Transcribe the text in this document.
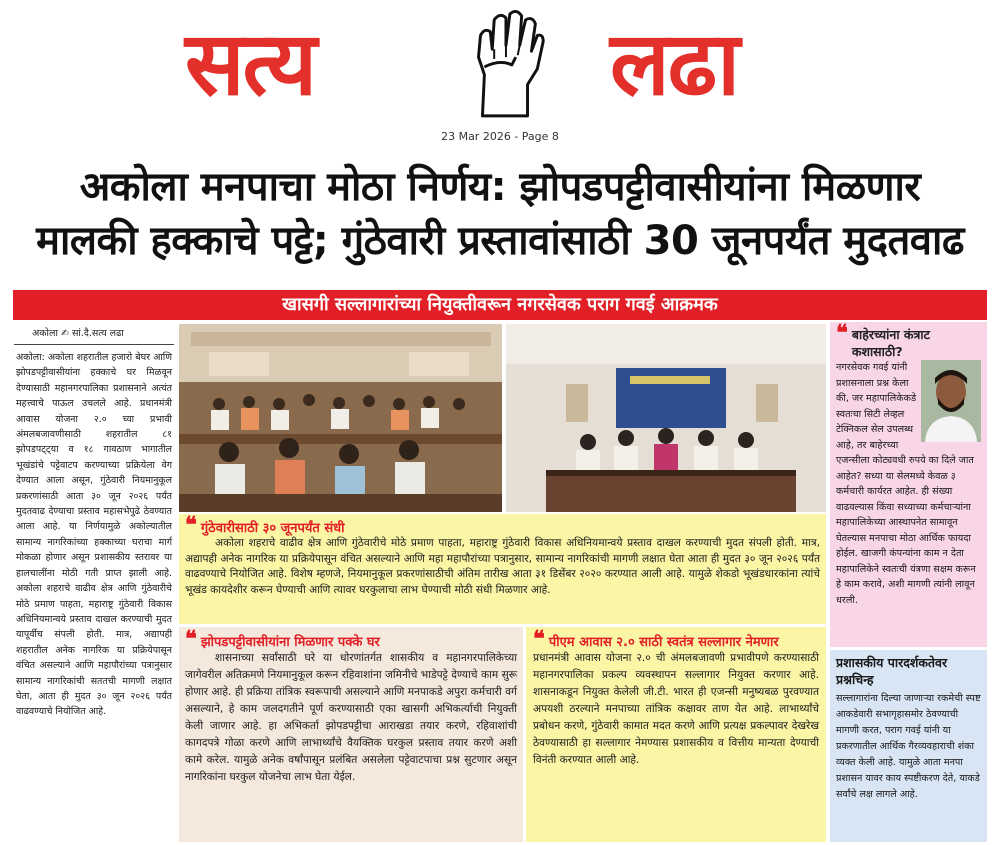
सत्य	लढा
23 Mar 2026 - Page 8
अकोला मनपाचा मोठा निर्णय: झोपडपट्टीवासीयांना मिळणार
मालकी हक्काचे पट्टे; गुंठेवारी प्रस्तावांसाठी 30 जूनपर्यंत मुदतवाढ
खासगी सल्लागारांच्या नियुक्तीवरून नगरसेवक पराग गवई आक्रमक
अकोला ✍ सां.दै.सत्य लढा

अकोला: अकोला शहरातील हजारो बेघर आणि झोपडपट्टीवासीयांना हक्काचे घर मिळवून देण्यासाठी महानगरपालिका प्रशासनाने अत्यंत महत्त्वाचे पाऊल उचलले आहे. प्रधानमंत्री आवास योजना २.० च्या प्रभावी अंमलबजावणीसाठी शहरातील ८१ झोपडपट्ट्या व १८ गावठाण भागातील भूखंडांचे पट्टेवाटप करण्याच्या प्रक्रियेला वेग देण्यात आला असून, गुंठेवारी नियमानुकूल प्रकरणांसाठी आता ३० जून २०२६ पर्यंत मुदतवाढ देण्याचा प्रस्ताव महासभेपुढे ठेवण्यात आला आहे. या निर्णयामुळे अकोल्यातील सामान्य नागरिकांच्या हक्काच्या घराचा मार्ग मोकळा होणार असून प्रशासकीय स्तरावर या हालचालींना मोठी गती प्राप्त झाली आहे. अकोला शहराचे वाढीव क्षेत्र आणि गुंठेवारीचे मोठे प्रमाण पाहता, महाराष्ट्र गुंठेवारी विकास अधिनियमान्वये प्रस्ताव दाखल करण्याची मुदत यापूर्वीच संपली होती. मात्र, अद्यापही शहरातील अनेक नागरिक या प्रक्रियेपासून वंचित असल्याने आणि महापौरांच्या पत्रानुसार सामान्य नागरिकांची सततची मागणी लक्षात घेता, आता ही मुदत ३० जून २०२६ पर्यंत वाढवण्याचे नियोजित आहे.

❝ गुंठेवारीसाठी ३० जूनपर्यंत संधी

अकोला शहराचे वाढीव क्षेत्र आणि गुंठेवारीचे मोठे प्रमाण पाहता, महाराष्ट्र गुंठेवारी विकास अधिनियमान्वये प्रस्ताव दाखल करण्याची मुदत संपली होती. मात्र, अद्यापही अनेक नागरिक या प्रक्रियेपासून वंचित असल्याने आणि महा महापौरांच्या पत्रानुसार, सामान्य नागरिकांची मागणी लक्षात घेता आता ही मुदत ३० जून २०२६ पर्यंत वाढवण्याचे नियोजित आहे. विशेष म्हणजे, नियमानुकूल प्रकरणांसाठीची अंतिम तारीख आता ३१ डिसेंबर २०२० करण्यात आली आहे. यामुळे शेकडो भूखंडधारकांना त्यांचे भूखंड कायदेशीर करून घेण्याची आणि त्यावर घरकुलाचा लाभ घेण्याची मोठी संधी मिळणार आहे.

❝ झोपडपट्टीवासीयांना मिळणार पक्के घर

शासनाच्या सर्वांसाठी घरे या धोरणांतर्गत शासकीय व महानगरपालिकेच्या जागेवरील अतिक्रमणे नियमानुकूल करून रहिवाशांना जमिनीचे भाडेपट्टे देण्याचे काम सुरू होणार आहे. ही प्रक्रिया तांत्रिक स्वरूपाची असल्याने आणि मनपाकडे अपुरा कर्मचारी वर्ग असल्याने, हे काम जलदगतीने पूर्ण करण्यासाठी एका खासगी अभिकर्त्याची नियुक्ती केली जाणार आहे. हा अभिकर्ता झोपडपट्टीचा आराखडा तयार करणे, रहिवाशांची कागदपत्रे गोळा करणे आणि लाभार्थ्यांचे वैयक्तिक घरकुल प्रस्ताव तयार करणे अशी कामे करेल. यामुळे अनेक वर्षांपासून प्रलंबित असलेला पट्टेवाटपाचा प्रश्न सुटणार असून नागरिकांना घरकुल योजनेचा लाभ घेता येईल.

❝ पीएम आवास २.० साठी स्वतंत्र सल्लागार नेमणार

प्रधानमंत्री आवास योजना २.० ची अंमलबजावणी प्रभावीपणे करण्यासाठी महानगरपालिका प्रकल्प व्यवस्थापन सल्लागार नियुक्त करणार आहे. शासनाकडून नियुक्त केलेली जी.टी. भारत ही एजन्सी मनुष्यबळ पुरवण्यात अपयशी ठरल्याने मनपाच्या तांत्रिक कक्षावर ताण येत आहे. लाभार्थ्यांचे प्रबोधन करणे, गुंठेवारी कामात मदत करणे आणि प्रत्यक्ष प्रकल्पावर देखरेख ठेवण्यासाठी हा सल्लागार नेमण्यास प्रशासकीय व वित्तीय मान्यता देण्याची विनंती करण्यात आली आहे.

❝ बाहेरच्यांना कंत्राट कशासाठी?
नगरसेवक गवई यांनी प्रशासनाला प्रश्न केला की, जर महापालिकेकडे स्वतःचा सिटी लेव्हल टेक्निकल सेल उपलब्ध आहे, तर बाहेरच्या एजन्सीला कोट्यवधी रुपये का दिले जात आहेत? सध्या या सेलमध्ये केवळ ३ कर्मचारी कार्यरत आहेत. ही संख्या वाढवल्यास किंवा सध्याच्या कर्मचाऱ्यांना महापालिकेच्या आस्थापनेत सामावून घेतल्यास मनपाचा मोठा आर्थिक फायदा होईल. खाजगी कंपन्यांना काम न देता महापालिकेने स्वतःची यंत्रणा सक्षम करून हे काम करावे, अशी मागणी त्यांनी लावून धरली.
प्रशासकीय पारदर्शकतेवर प्रश्नचिन्ह

सल्लागारांना दिल्या जाणाऱ्या रकमेची स्पष्ट आकडेवारी सभागृहासमोर ठेवण्याची मागणी करत, पराग गवई यांनी या प्रकरणातील आर्थिक गैरव्यवहाराची शंका व्यक्त केली आहे. यामुळे आता मनपा प्रशासन यावर काय स्पष्टीकरण देते, याकडे सर्वांचे लक्ष लागले आहे.
